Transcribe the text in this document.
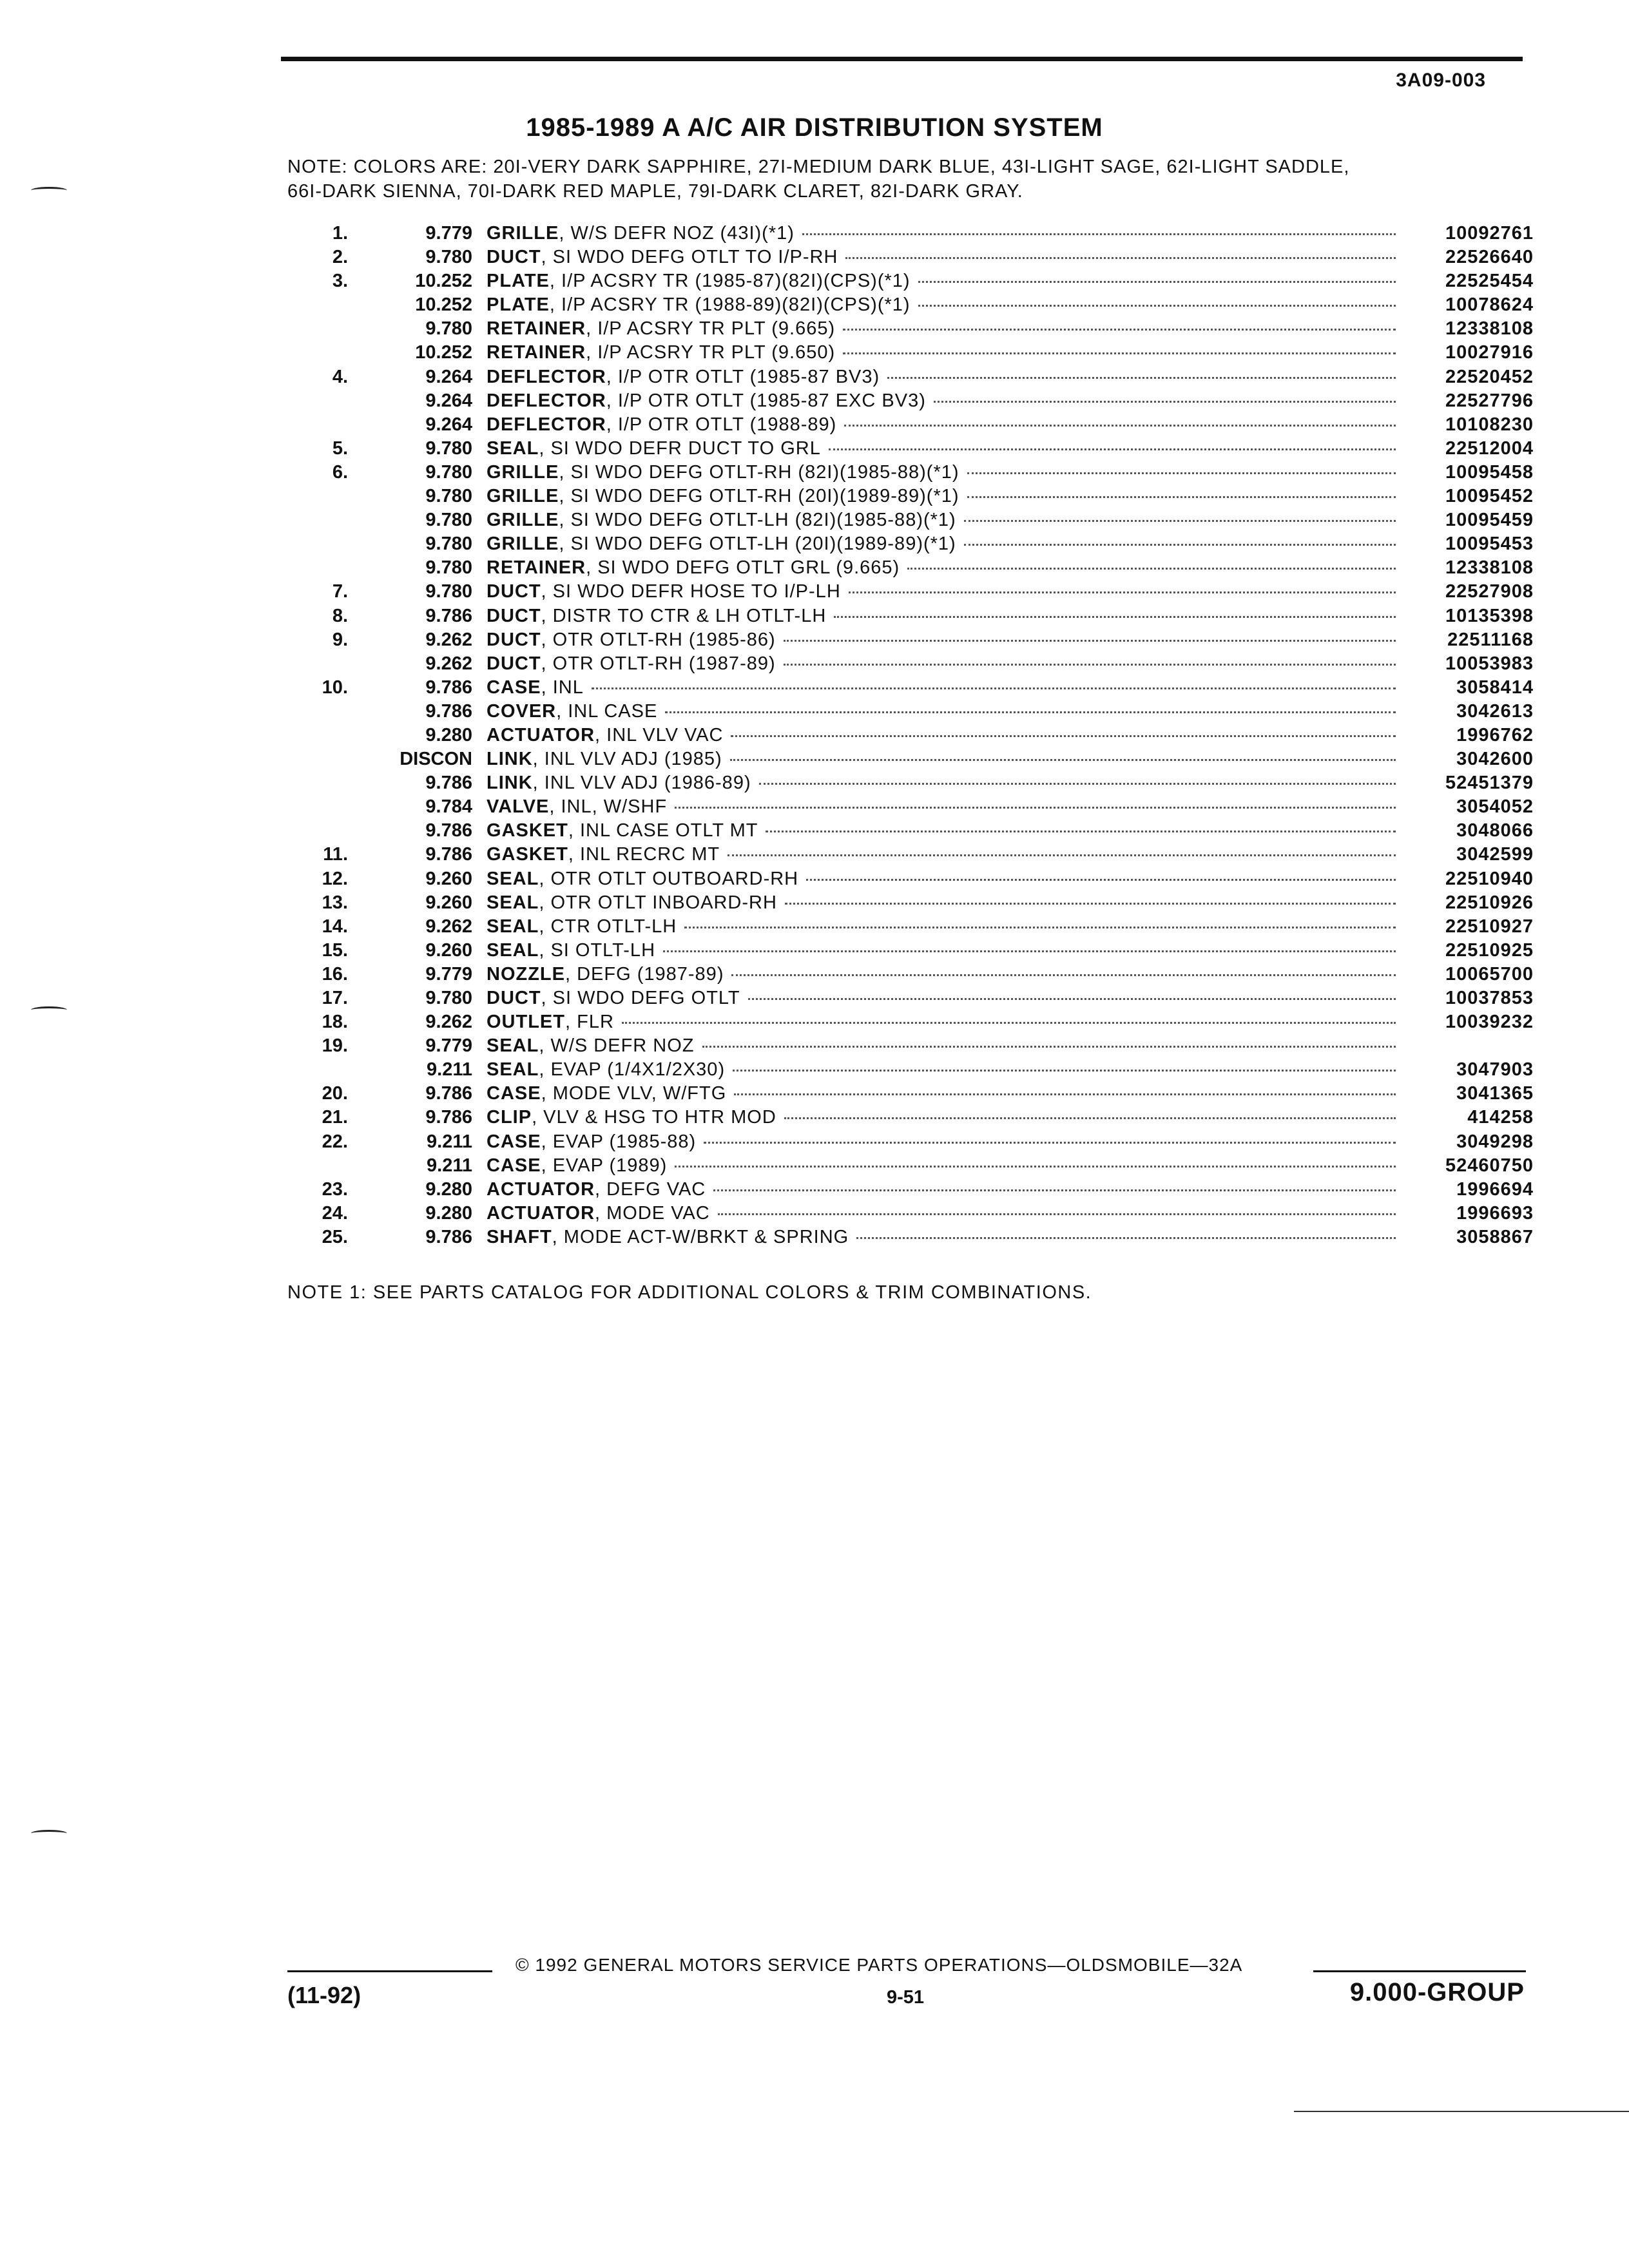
3A09-003
1985-1989 A A/C AIR DISTRIBUTION SYSTEM
NOTE: COLORS ARE: 20I-VERY DARK SAPPHIRE, 27I-MEDIUM DARK BLUE, 43I-LIGHT SAGE, 62I-LIGHT SADDLE,
66I-DARK SIENNA, 70I-DARK RED MAPLE, 79I-DARK CLARET, 82I-DARK GRAY.
1.	9.779 GRILLE , W/S DEFR NOZ (43I)(*1)	10092761
2.	9.780 DUCT , SI WDO DEFG OTLT TO I/P-RH	22526640
3.	10.252 PLATE , I/P ACSRY TR (1985-87)(82I)(CPS)(*1)	22525454
10.252 PLATE , I/P ACSRY TR (1988-89)(82I)(CPS)(*1)	10078624
9.780 RETAINER , I/P ACSRY TR PLT (9.665)	12338108
10.252 RETAINER , I/P ACSRY TR PLT (9.650)	10027916
4.	9.264 DEFLECTOR , I/P OTR OTLT (1985-87 BV3)	22520452
9.264 DEFLECTOR , I/P OTR OTLT (1985-87 EXC BV3)	22527796
9.264 DEFLECTOR , I/P OTR OTLT (1988-89)	10108230
5.	9.780 SEAL , SI WDO DEFR DUCT TO GRL	22512004
6.	9.780 GRILLE , SI WDO DEFG OTLT-RH (82I)(1985-88)(*1)	10095458
9.780 GRILLE , SI WDO DEFG OTLT-RH (20I)(1989-89)(*1)	10095452
9.780 GRILLE , SI WDO DEFG OTLT-LH (82I)(1985-88)(*1)	10095459
9.780 GRILLE , SI WDO DEFG OTLT-LH (20I)(1989-89)(*1)	10095453
9.780 RETAINER , SI WDO DEFG OTLT GRL (9.665)	12338108
7.	9.780 DUCT , SI WDO DEFR HOSE TO I/P-LH	22527908
8.	9.786 DUCT , DISTR TO CTR & LH OTLT-LH	10135398
9.	9.262 DUCT , OTR OTLT-RH (1985-86)	22511168
9.262 DUCT , OTR OTLT-RH (1987-89)	10053983
10.	9.786 CASE , INL	3058414
9.786 COVER , INL CASE	3042613
9.280 ACTUATOR , INL VLV VAC	1996762
DISCON LINK , INL VLV ADJ (1985)	3042600
9.786 LINK , INL VLV ADJ (1986-89)	52451379
9.784 VALVE , INL, W/SHF	3054052
9.786 GASKET , INL CASE OTLT MT	3048066
11.	9.786 GASKET , INL RECRC MT	3042599
12.	9.260 SEAL , OTR OTLT OUTBOARD-RH	22510940
13.	9.260 SEAL , OTR OTLT INBOARD-RH	22510926
14.	9.262 SEAL , CTR OTLT-LH	22510927
15.	9.260 SEAL , SI OTLT-LH	22510925
16.	9.779 NOZZLE , DEFG (1987-89)	10065700
17.	9.780 DUCT , SI WDO DEFG OTLT	10037853
18.	9.262 OUTLET , FLR	10039232
19.	9.779 SEAL , W/S DEFR NOZ
9.211 SEAL , EVAP (1/4X1/2X30)	3047903
20.	9.786 CASE , MODE VLV, W/FTG	3041365
21.	9.786 CLIP , VLV & HSG TO HTR MOD	414258
22.	9.211 CASE , EVAP (1985-88)	3049298
9.211 CASE , EVAP (1989)	52460750
23.	9.280 ACTUATOR , DEFG VAC	1996694
24.	9.280 ACTUATOR , MODE VAC	1996693
25.	9.786 SHAFT , MODE ACT-W/BRKT & SPRING	3058867
NOTE 1: SEE PARTS CATALOG FOR ADDITIONAL COLORS & TRIM COMBINATIONS.
© 1992 GENERAL MOTORS SERVICE PARTS OPERATIONS—OLDSMOBILE—32A
(11-92)	9-51	9.000-GROUP
